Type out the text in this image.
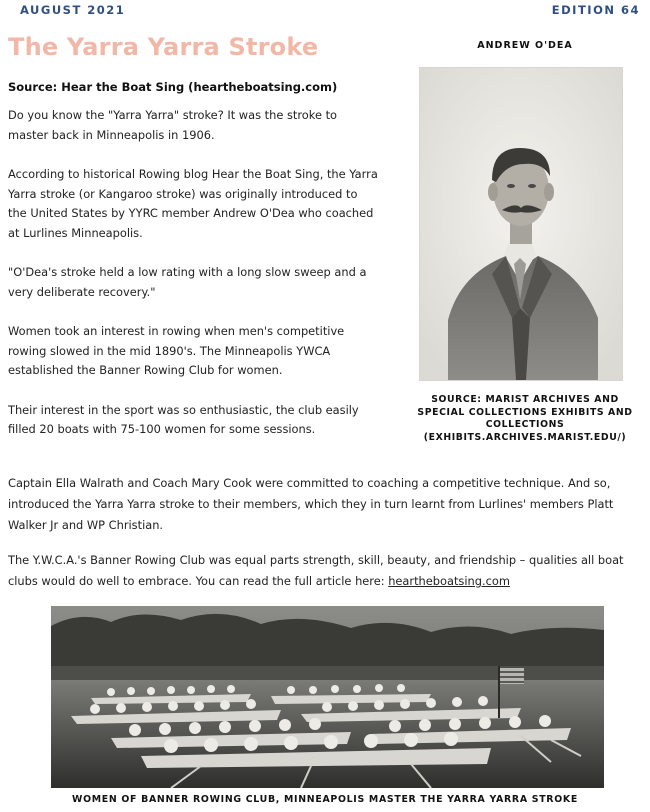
AUGUST 2021	EDITION 64
The Yarra Yarra Stroke
Source: Hear the Boat Sing (heartheboatsing.com)

Do you know the "Yarra Yarra" stroke? It was the stroke to master back in Minneapolis in 1906.

According to historical Rowing blog Hear the Boat Sing, the Yarra Yarra stroke (or Kangaroo stroke) was originally introduced to the United States by YYRC member Andrew O'Dea who coached at Lurlines Minneapolis.

"O'Dea's stroke held a low rating with a long slow sweep and a very deliberate recovery."

Women took an interest in rowing when men's competitive rowing slowed in the mid 1890's. The Minneapolis YWCA established the Banner Rowing Club for women.

Their interest in the sport was so enthusiastic, the club easily filled 20 boats with 75-100 women for some sessions.

ANDREW O'DEA
SOURCE: MARIST ARCHIVES AND SPECIAL COLLECTIONS EXHIBITS AND COLLECTIONS (EXHIBITS.ARCHIVES.MARIST.EDU/)

Captain Ella Walrath and Coach Mary Cook were committed to coaching a competitive technique. And so, introduced the Yarra Yarra stroke to their members, which they in turn learnt from Lurlines' members Platt Walker Jr and WP Christian.

The Y.W.C.A.'s Banner Rowing Club was equal parts strength, skill, beauty, and friendship – qualities all boat clubs would do well to embrace. You can read the full article here: heartheboatsing.com

WOMEN OF BANNER ROWING CLUB, MINNEAPOLIS MASTER THE YARRA YARRA STROKE
